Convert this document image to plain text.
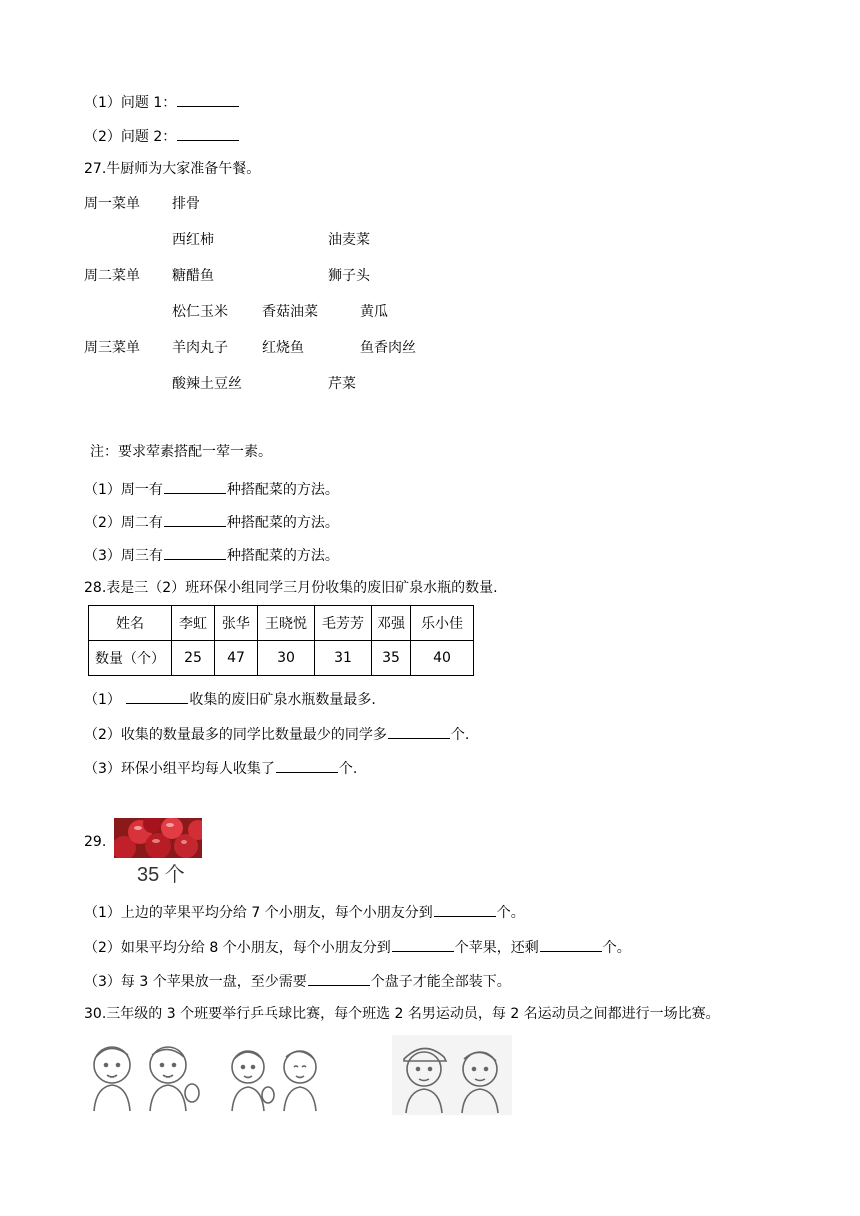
（1）问题 1：
（2）问题 2：
27.牛厨师为大家准备午餐。
周一菜单 排骨
西红柿	油麦菜
周二菜单 糖醋鱼	狮子头
松仁玉米 香菇油菜	黄瓜
周三菜单 羊肉丸子 红烧鱼	鱼香肉丝
酸辣土豆丝	芹菜
注：要求荤素搭配一荤一素。
（1）周一有	种搭配菜的方法。
（2）周二有	种搭配菜的方法。
（3）周三有	种搭配菜的方法。
28.表是三（2）班环保小组同学三月份收集的废旧矿泉水瓶的数量.
姓名	李虹	张华	王晓悦	毛芳芳	邓强	乐小佳
数量（个）	25	47	30	31	35	40
（1）	收集的废旧矿泉水瓶数量最多.
（2）收集的数量最多的同学比数量最少的同学多	个.
（3）环保小组平均每人收集了	个.
29.
35 个
（1）上边的苹果平均分给 7 个小朋友，每个小朋友分到	个。
（2）如果平均分给 8 个小朋友，每个小朋友分到	个苹果，还剩	个。
（3）每 3 个苹果放一盘，至少需要	个盘子才能全部装下。
30.三年级的 3 个班要举行乒乓球比赛，每个班选 2 名男运动员，每 2 名运动员之间都进行一场比赛。
